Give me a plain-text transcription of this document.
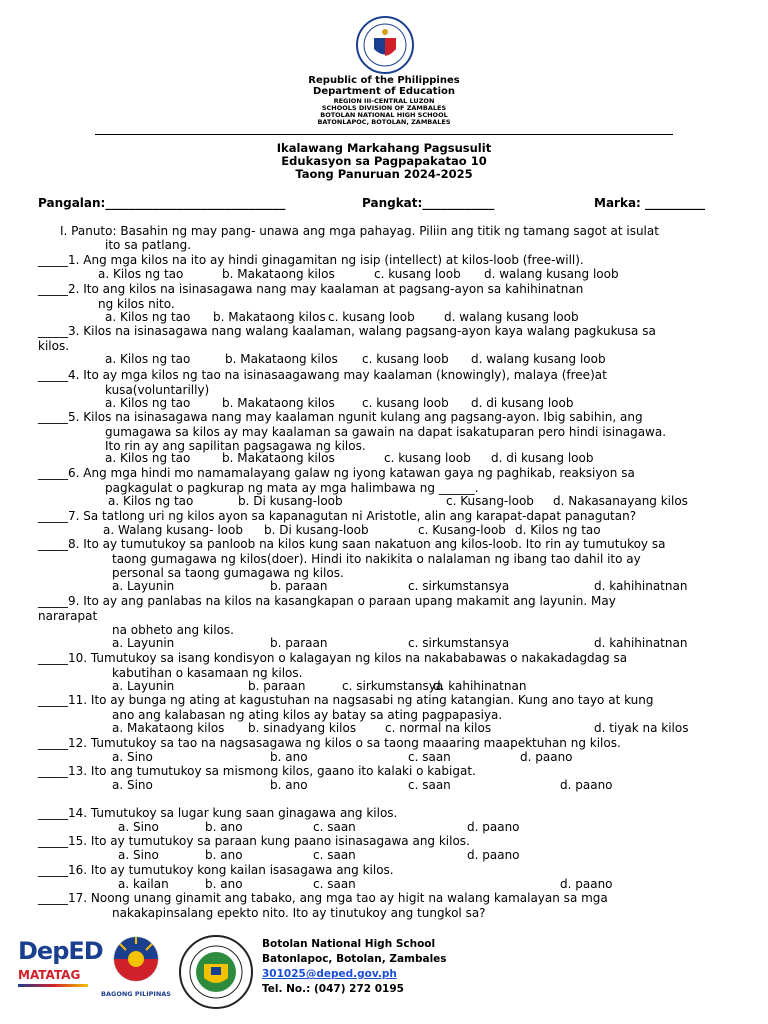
Republic of the Philippines
Department of Education
REGION III-CENTRAL LUZON
SCHOOLS DIVISION OF ZAMBALES
BOTOLAN NATIONAL HIGH SCHOOL
BATONLAPOC, BOTOLAN, ZAMBALES
Ikalawang Markahang Pagsusulit
Edukasyon sa Pagpapakatao 10
Taong Panuruan 2024-2025
Pangalan:______________________________	Pangkat:____________	Marka: __________
I. Panuto: Basahin ng may pang- unawa ang mga pahayag. Piliin ang titik ng tamang sagot at isulat
ito sa patlang.
_____1. Ang mga kilos na ito ay hindi ginagamitan ng isip (intellect) at kilos-loob (free-will).
a. Kilos ng tao	b. Makataong kilos	c. kusang loob d. walang kusang loob
_____2. Ito ang kilos na isinasagawa nang may kaalaman at pagsang-ayon sa kahihinatnan
ng kilos nito.
a. Kilos ng tao b. Makataong kilos c. kusang loob d. walang kusang loob
_____3. Kilos na isinasagawa nang walang kaalaman, walang pagsang-ayon kaya walang pagkukusa sa
kilos.
a. Kilos ng tao	b. Makataong kilos c. kusang loob d. walang kusang loob
_____4. Ito ay mga kilos ng tao na isinasaagawang may kaalaman (knowingly), malaya (free)at
kusa(voluntarilly)
a. Kilos ng tao	b. Makataong kilos c. kusang loob d. di kusang loob
_____5. Kilos na isinasagawa nang may kaalaman ngunit kulang ang pagsang-ayon. Ibig sabihin, ang
gumagawa sa kilos ay may kaalaman sa gawain na dapat isakatuparan pero hindi isinagawa.
Ito rin ay ang sapilitan pagsagawa ng kilos.
a. Kilos ng tao	b. Makataong kilos	c. kusang loob d. di kusang loob
_____6. Ang mga hindi mo namamalayang galaw ng iyong katawan gaya ng paghikab, reaksiyon sa
pagkagulat o pagkurap ng mata ay mga halimbawa ng ______.
a. Kilos ng tao	b. Di kusang-loob	c. Kusang-loob d. Nakasanayang kilos
_____7. Sa tatlong uri ng kilos ayon sa kapanagutan ni Aristotle, alin ang karapat-dapat panagutan?
a. Walang kusang- loob b. Di kusang-loob	c. Kusang-loob d. Kilos ng tao
_____8. Ito ay tumutukoy sa panloob na kilos kung saan nakatuon ang kilos-loob. Ito rin ay tumutukoy sa
taong gumagawa ng kilos(doer). Hindi ito nakikita o nalalaman ng ibang tao dahil ito ay
personal sa taong gumagawa ng kilos.
a. Layunin	b. paraan	c. sirkumstansya	d. kahihinatnan
_____9. Ito ay ang panlabas na kilos na kasangkapan o paraan upang makamit ang layunin. May
nararapat
na obheto ang kilos.
a. Layunin	b. paraan	c. sirkumstansya	d. kahihinatnan
_____10. Tumutukoy sa isang kondisyon o kalagayan ng kilos na nakababawas o nakakadagdag sa
kabutihan o kasamaan ng kilos.
a. Layunin	b. paraan	c. sirkumstansya
d. kahihinatnan
_____11. Ito ay bunga ng ating at kagustuhan na nagsasabi ng ating katangian. Kung ano tayo at kung
ano ang kalabasan ng ating kilos ay batay sa ating pagpapasiya.
a. Makataong kilos b. sinadyang kilos c. normal na kilos	d. tiyak na kilos
_____12. Tumutukoy sa tao na nagsasagawa ng kilos o sa taong maaaring maapektuhan ng kilos.
a. Sino	b. ano	c. saan	d. paano
_____13. Ito ang tumutukoy sa mismong kilos, gaano ito kalaki o kabigat.
a. Sino	b. ano	c. saan	d. paano
_____14. Tumutukoy sa lugar kung saan ginagawa ang kilos.
a. Sino	b. ano	c. saan	d. paano
_____15. Ito ay tumutukoy sa paraan kung paano isinasagawa ang kilos.
a. Sino	b. ano	c. saan	d. paano
_____16. Ito ay tumutukoy kong kailan isasagawa ang kilos.
a. kailan	b. ano	c. saan	d. paano
_____17. Noong unang ginamit ang tabako, ang mga tao ay higit na walang kamalayan sa mga
nakakapinsalang epekto nito. Ito ay tinutukoy ang tungkol sa?
DepED
MATATAG
BAGONG PILIPINAS
Botolan National High School
Batonlapoc, Botolan, Zambales
301025@deped.gov.ph
Tel. No.: (047) 272 0195
